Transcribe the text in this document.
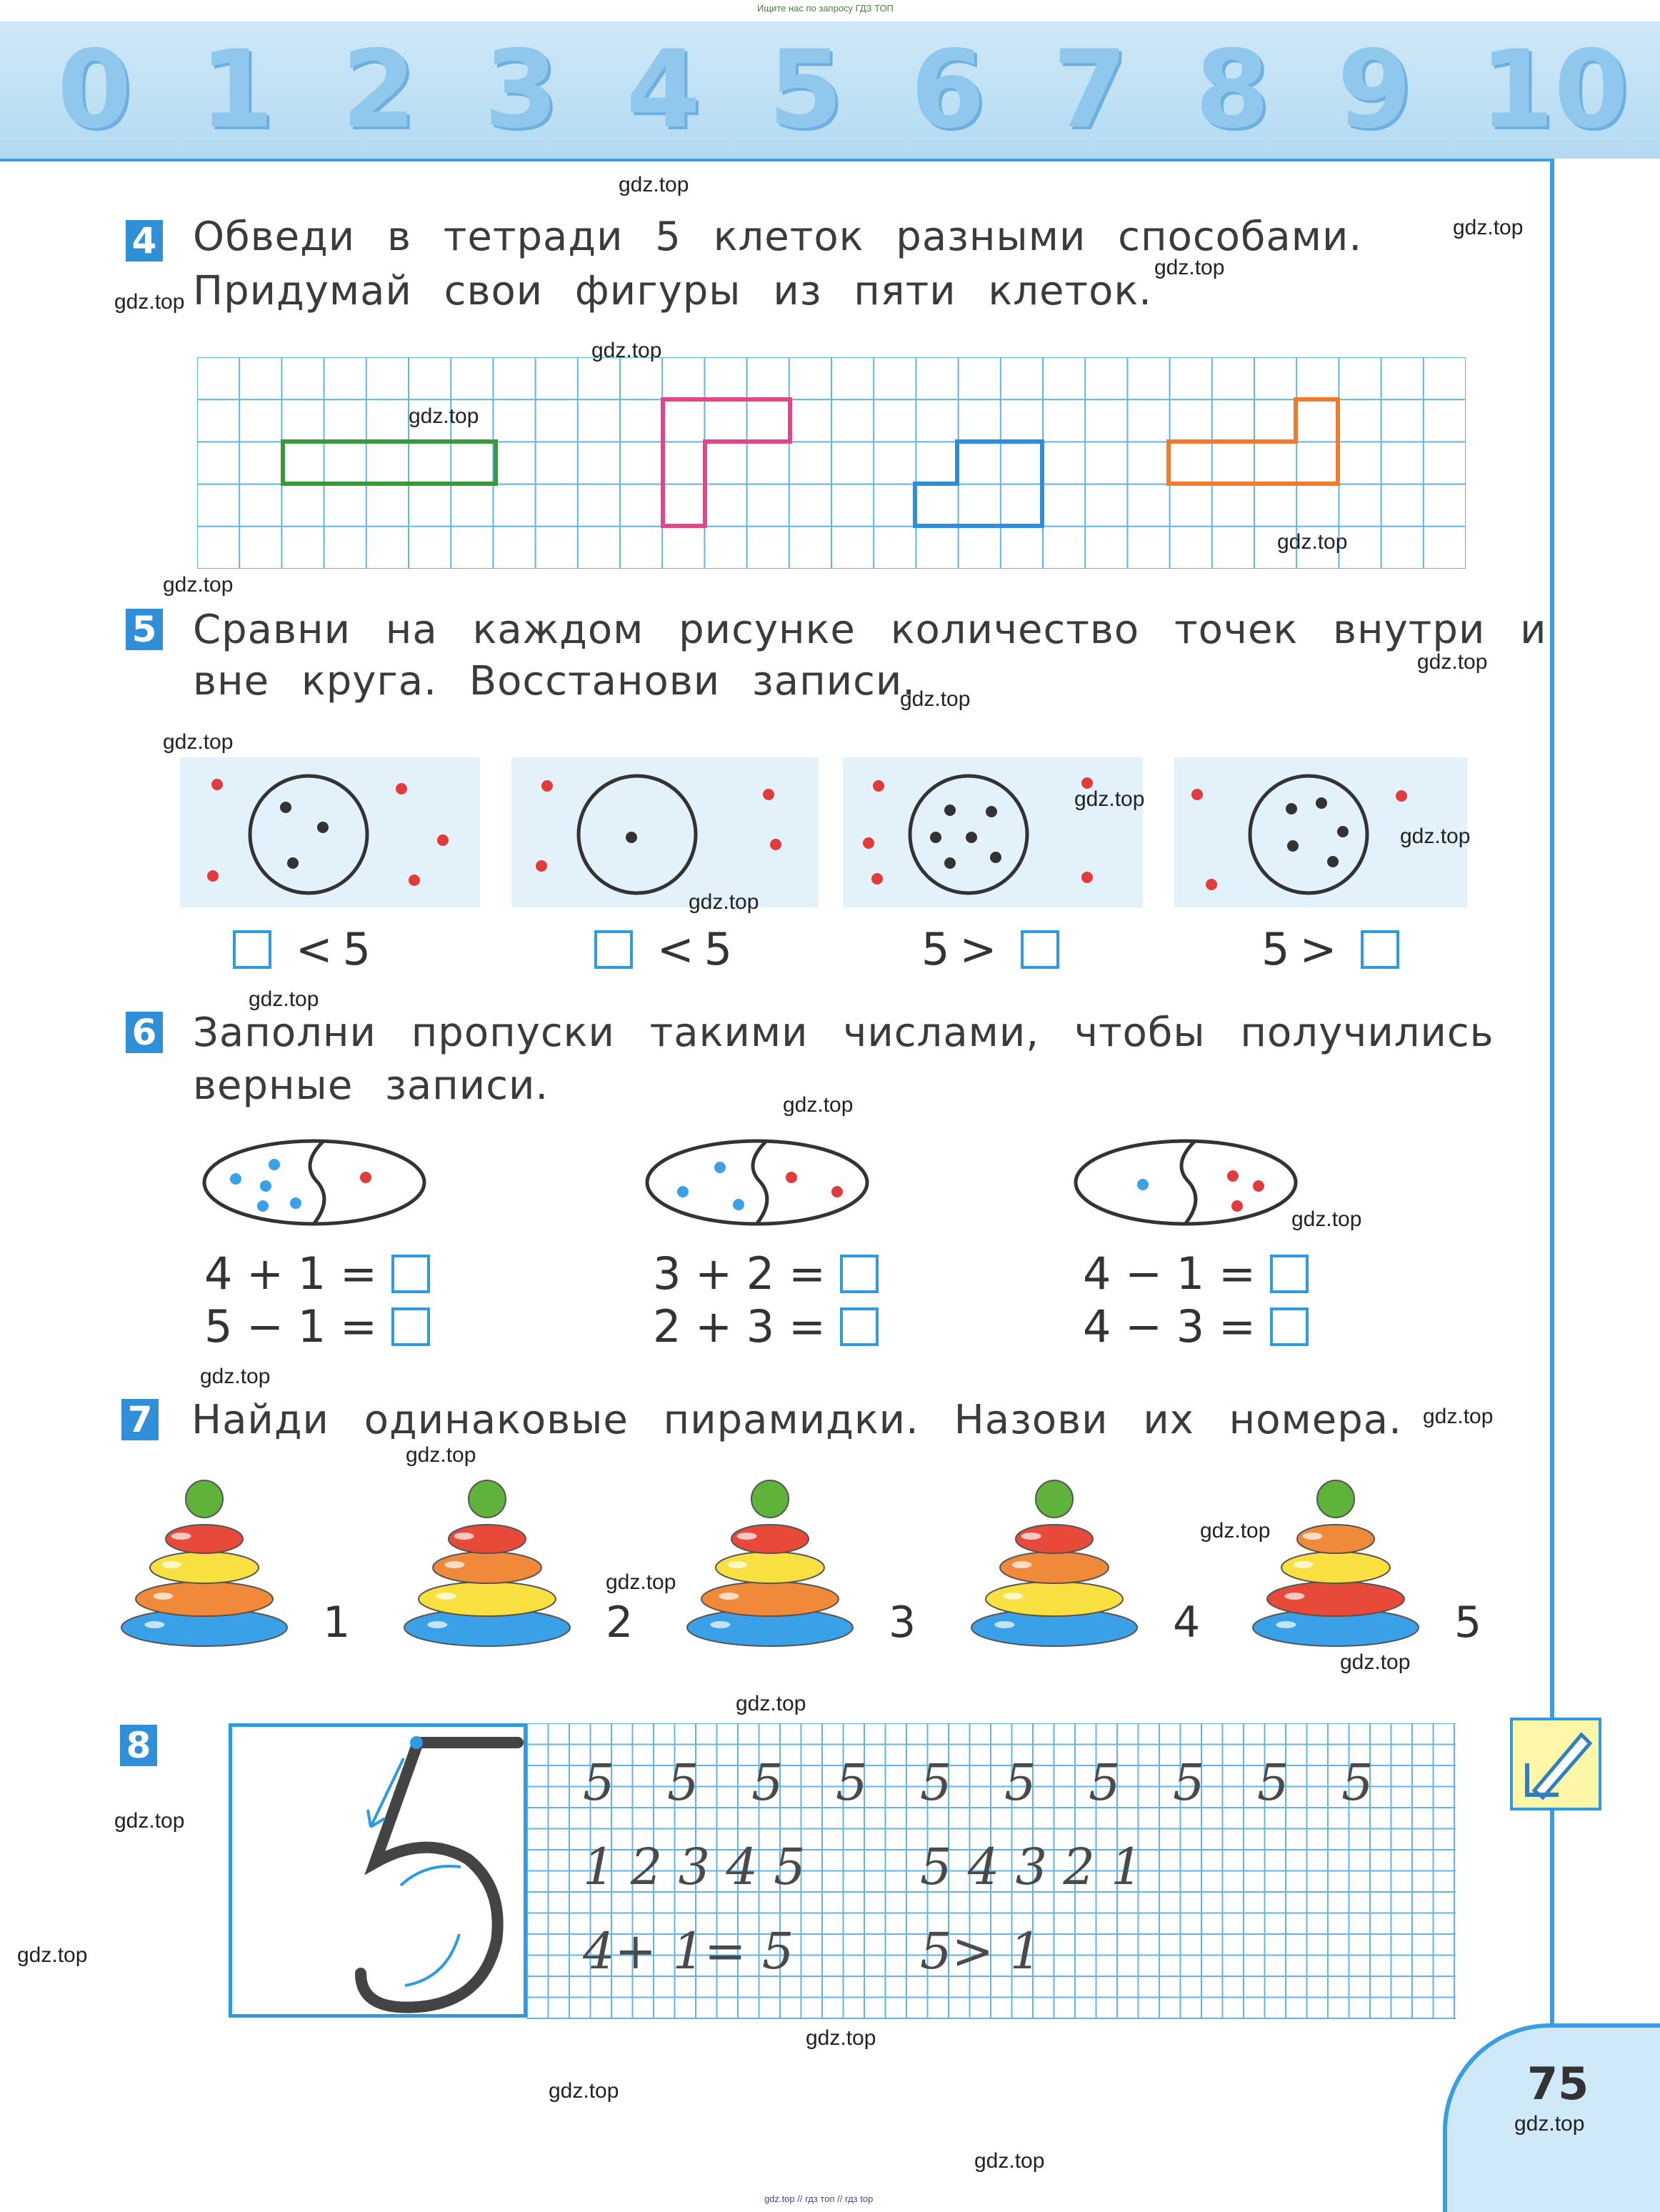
Ищите нас по запросу ГДЗ ТОП
0 1 2 3 4 5 6 7 8 9 10
4 Обведи в тетради 5 клеток разными способами.
Придумай свои фигуры из пяти клеток.
5 Сравни на каждом рисунке количество точек внутри и
вне круга. Восстанови записи.
< 5	< 5	5 >	5 >
6 Заполни пропуски такими числами, чтобы получились
верные записи.
4 + 1 =
5 − 1 =
3 + 2 =
2 + 3 =
4 − 1 =
4 − 3 =
7 Найди одинаковые пирамидки. Назови их номера.
1	2	3	4	5
8
5 5 5 5 5 5 5 5 5 5
1 2 3 4 5 5 4 3 2 1
4+ 1= 5	5> 1
75
gdz.top // гдз топ // гдз top
gdz.top
gdz.top
gdz.top
gdz.top
gdz.top
gdz.top
gdz.top
gdz.top
gdz.top
gdz.top
gdz.top
gdz.top
gdz.top
gdz.top
gdz.top
gdz.top
gdz.top
gdz.top
gdz.top
gdz.top
gdz.top
gdz.top
gdz.top
gdz.top
gdz.top
gdz.top
gdz.top
gdz.top
gdz.top
gdz.top
